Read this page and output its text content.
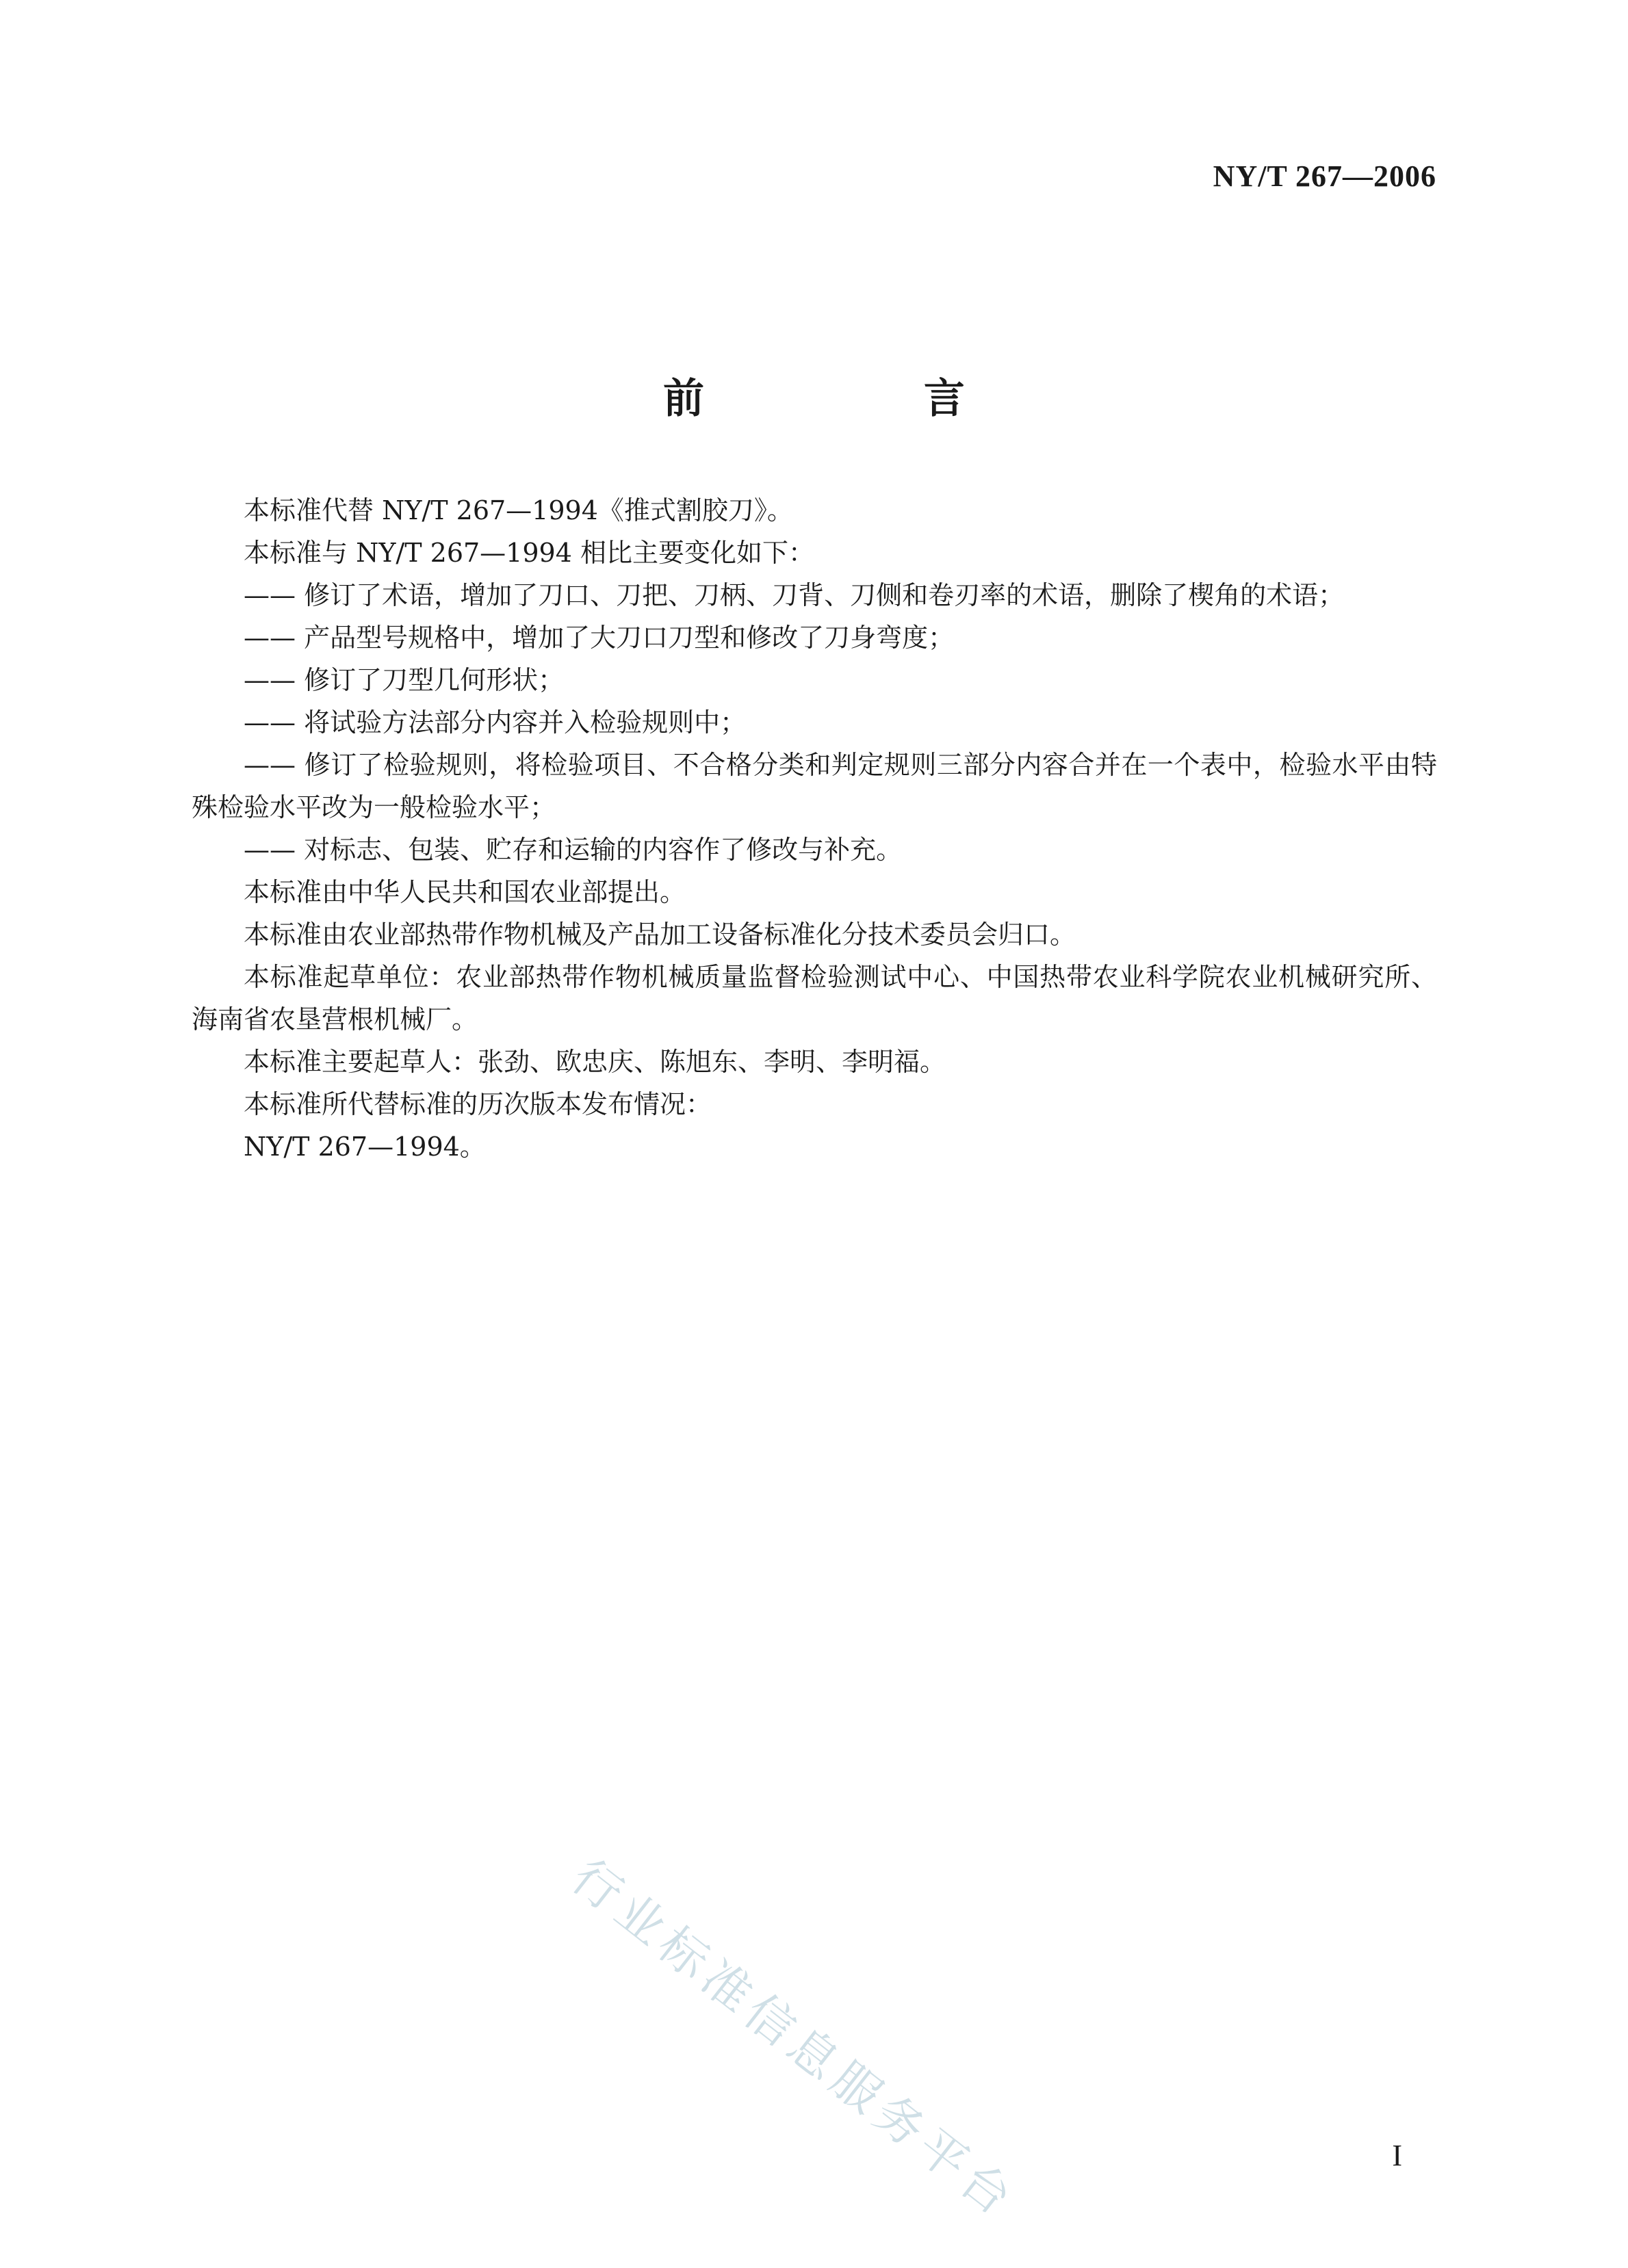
NY/T 267—2006
前 言

本标准代替 NY/T 267—1994《推式割胶刀》。

本标准与 NY/T 267—1994 相比主要变化如下：

—— 修订了术语，增加了刀口、刀把、刀柄、刀背、刀侧和卷刃率的术语，删除了楔角的术语；

—— 产品型号规格中，增加了大刀口刀型和修改了刀身弯度；

—— 修订了刀型几何形状；

—— 将试验方法部分内容并入检验规则中；

—— 修订了检验规则，将检验项目、不合格分类和判定规则三部分内容合并在一个表中，检验水平由特殊检验水平改为一般检验水平；

—— 对标志、包装、贮存和运输的内容作了修改与补充。

本标准由中华人民共和国农业部提出。

本标准由农业部热带作物机械及产品加工设备标准化分技术委员会归口。

本标准起草单位：农业部热带作物机械质量监督检验测试中心、中国热带农业科学院农业机械研究所、海南省农垦营根机械厂。

本标准主要起草人：张劲、欧忠庆、陈旭东、李明、李明福。

本标准所代替标准的历次版本发布情况：

NY/T 267—1994。

行业标准信息服务平台	I
